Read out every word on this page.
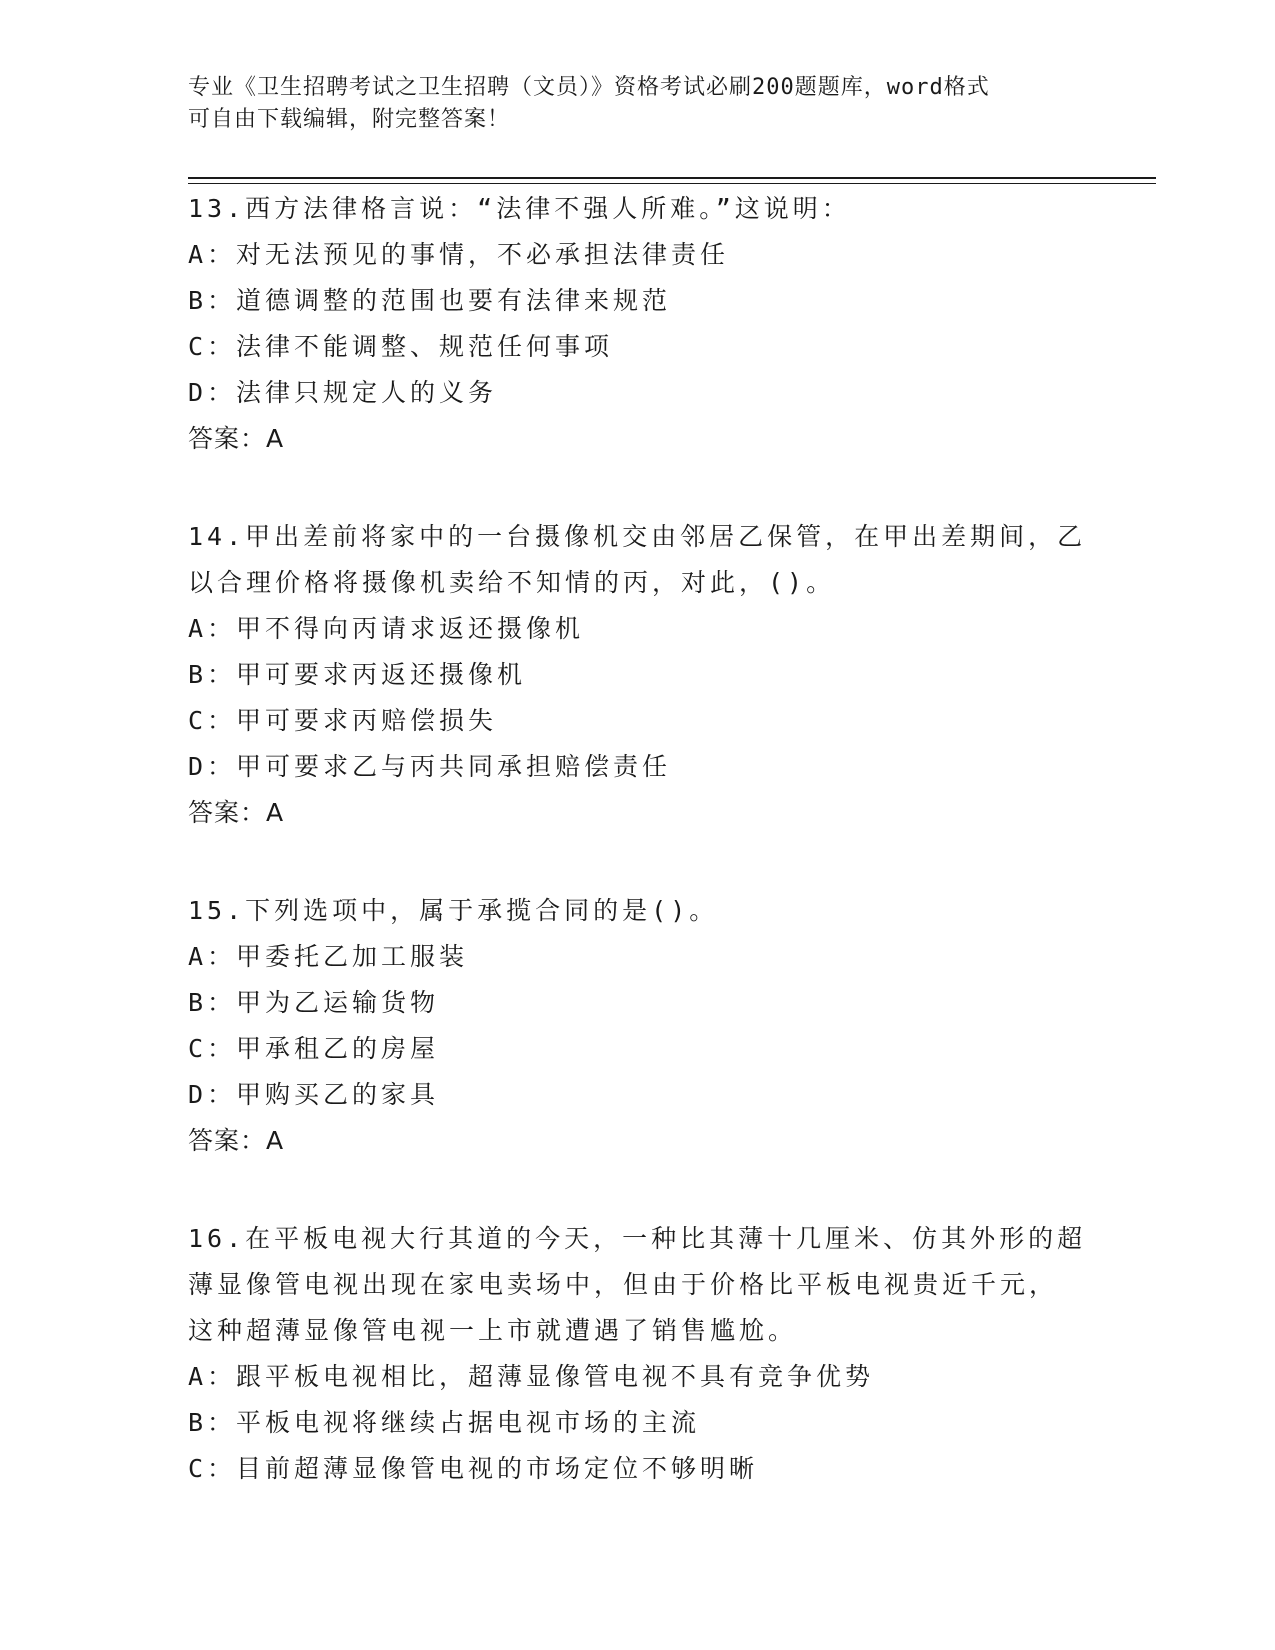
专业《卫生招聘考试之卫生招聘（文员）》资格考试必刷200题题库，word格式
可自由下载编辑，附完整答案！
13.西方法律格言说：“法律不强人所难。”这说明：
A：对无法预见的事情，不必承担法律责任
B：道德调整的范围也要有法律来规范
C：法律不能调整、规范任何事项
D：法律只规定人的义务
答案：A
14.甲出差前将家中的一台摄像机交由邻居乙保管，在甲出差期间，乙
以合理价格将摄像机卖给不知情的丙，对此，()。
A：甲不得向丙请求返还摄像机
B：甲可要求丙返还摄像机
C：甲可要求丙赔偿损失
D：甲可要求乙与丙共同承担赔偿责任
答案：A
15.下列选项中，属于承揽合同的是()。
A：甲委托乙加工服装
B：甲为乙运输货物
C：甲承租乙的房屋
D：甲购买乙的家具
答案：A
16.在平板电视大行其道的今天，一种比其薄十几厘米、仿其外形的超
薄显像管电视出现在家电卖场中，但由于价格比平板电视贵近千元，
这种超薄显像管电视一上市就遭遇了销售尴尬。
A：跟平板电视相比，超薄显像管电视不具有竞争优势
B：平板电视将继续占据电视市场的主流
C：目前超薄显像管电视的市场定位不够明晰
